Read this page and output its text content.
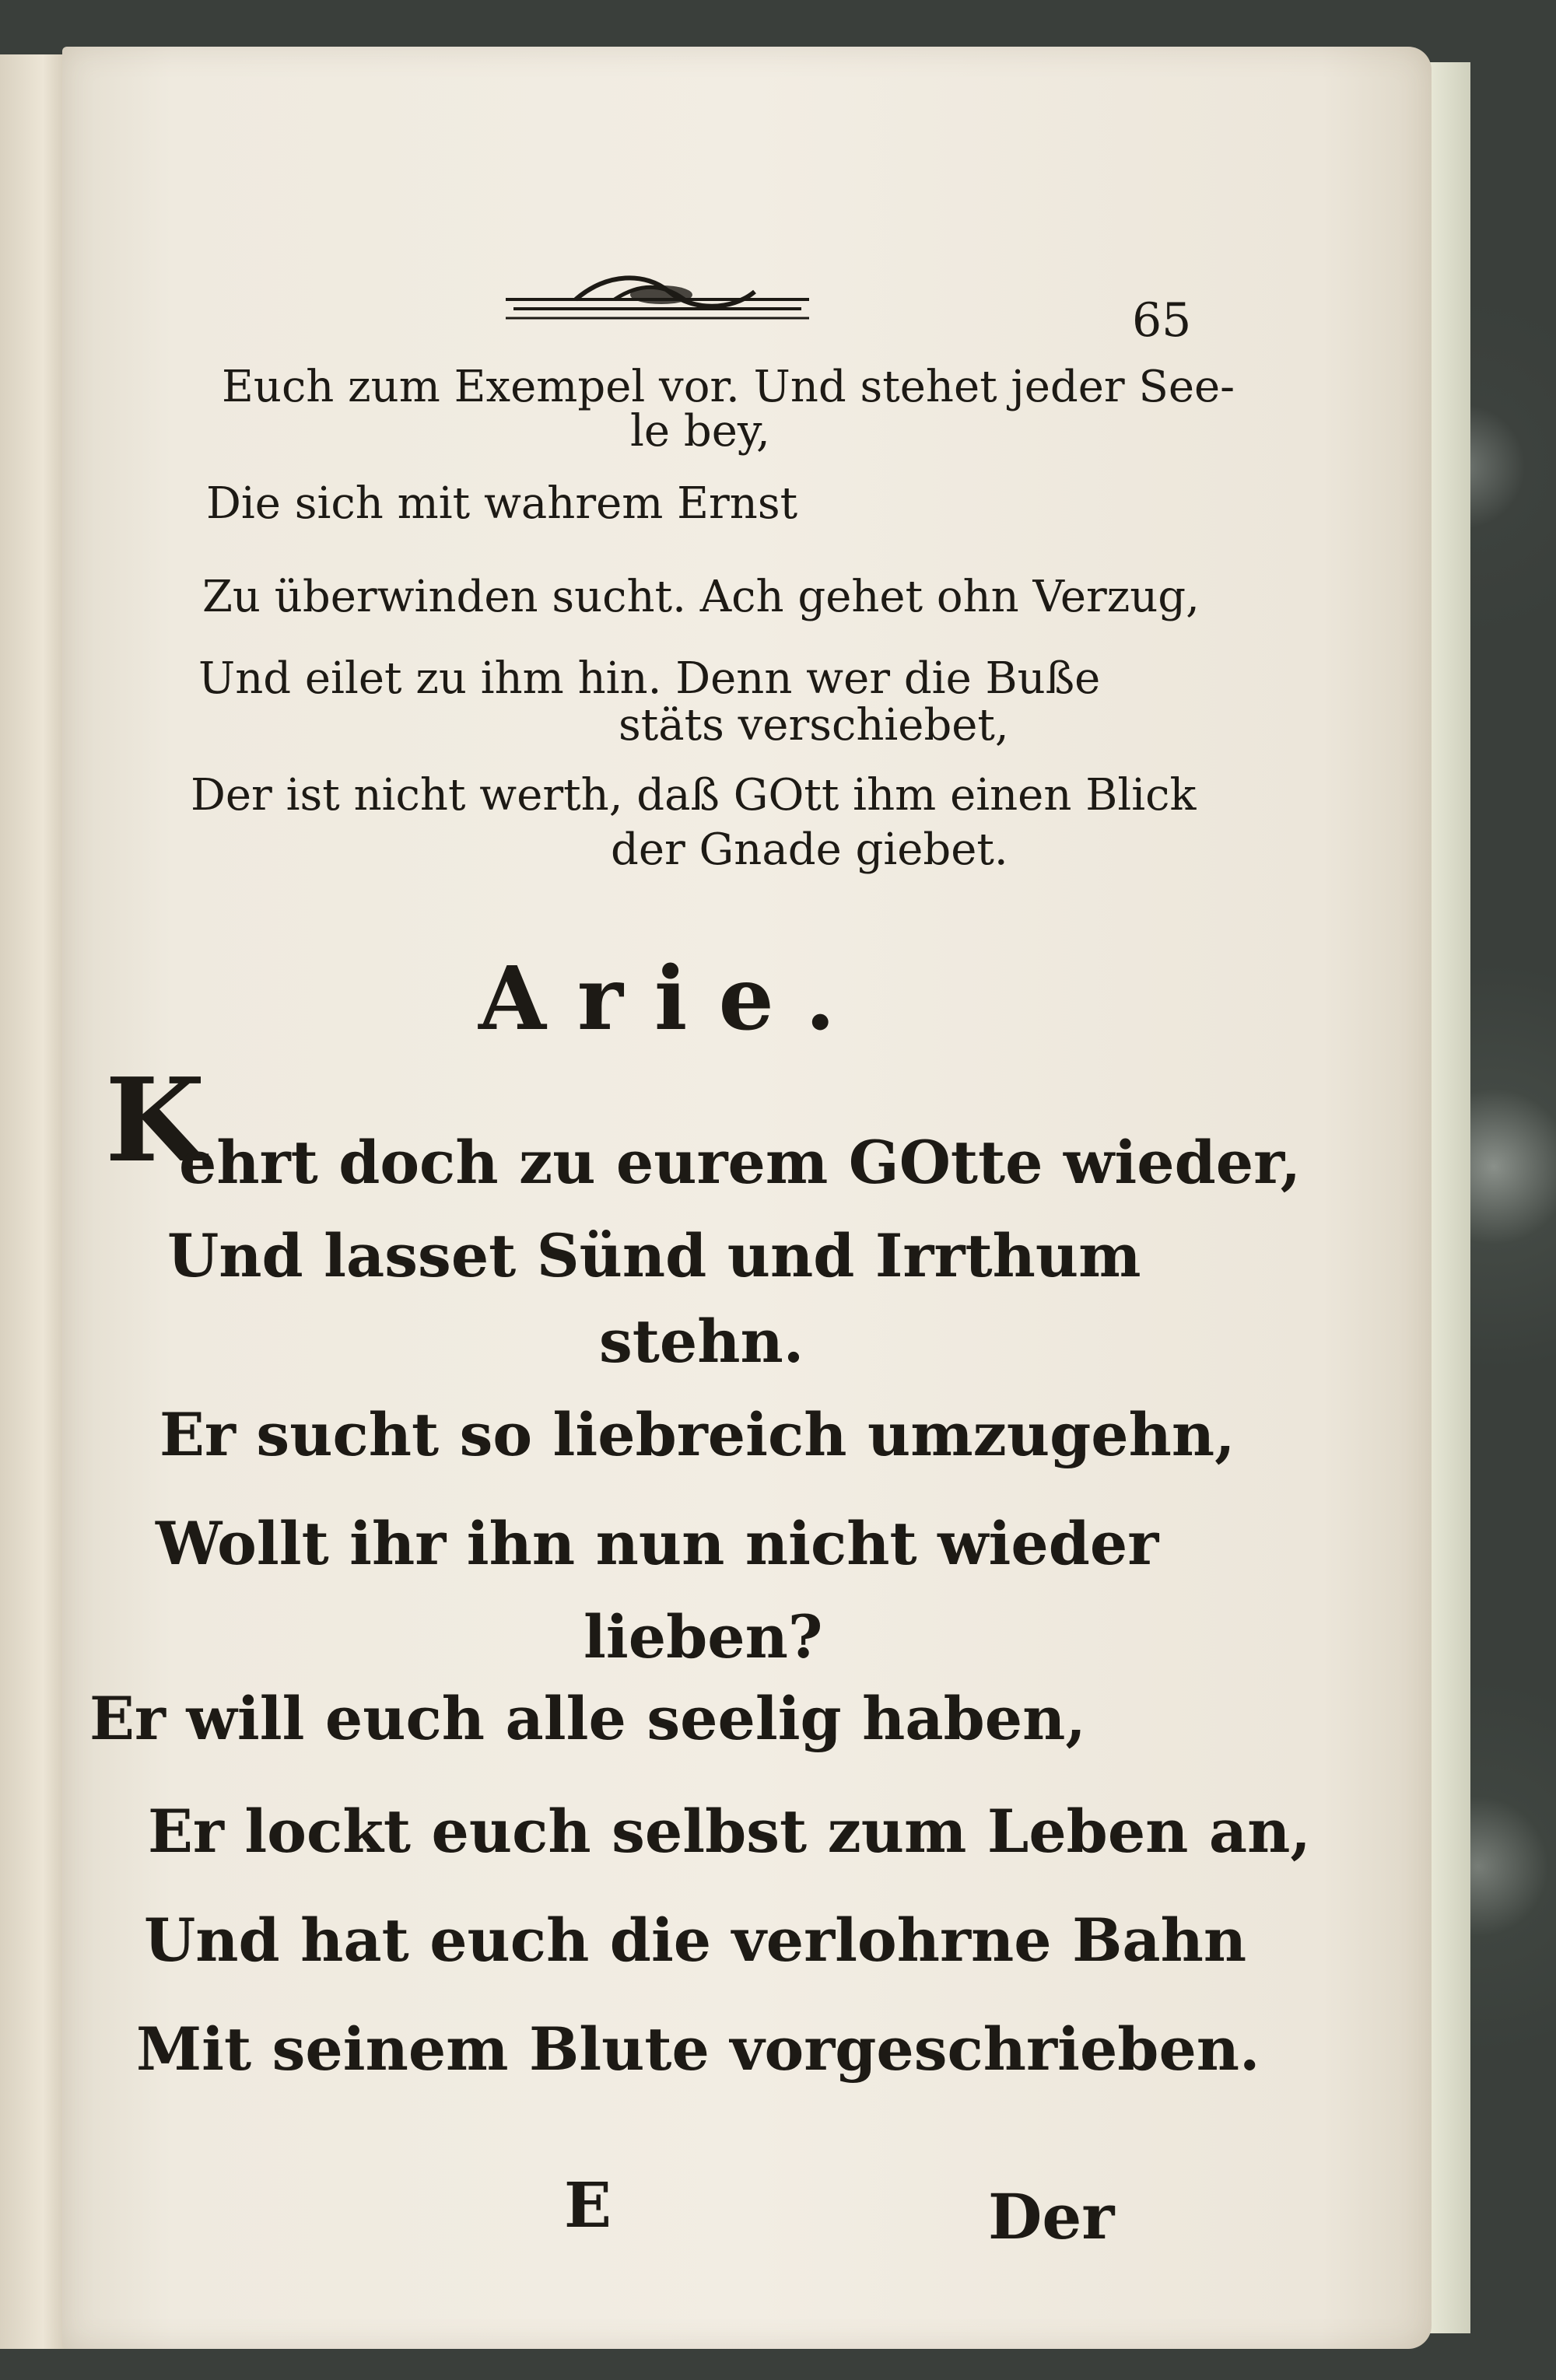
65
Euch zum Exempel vor. Und stehet jeder See-
le bey,
Die sich mit wahrem Ernst
Zu überwinden sucht. Ach gehet ohn Verzug,
Und eilet zu ihm hin. Denn wer die Buße
stäts verschiebet,
Der ist nicht werth, daß GOtt ihm einen Blick
der Gnade giebet.
Arie.
K
ehrt doch zu eurem GOtte wieder,
Und lasset Sünd und Irrthum
stehn.
Er sucht so liebreich umzugehn,
Wollt ihr ihn nun nicht wieder
lieben?
Er will euch alle seelig haben,
Er lockt euch selbst zum Leben an,
Und hat euch die verlohrne Bahn
Mit seinem Blute vorgeschrieben.
E	Der
